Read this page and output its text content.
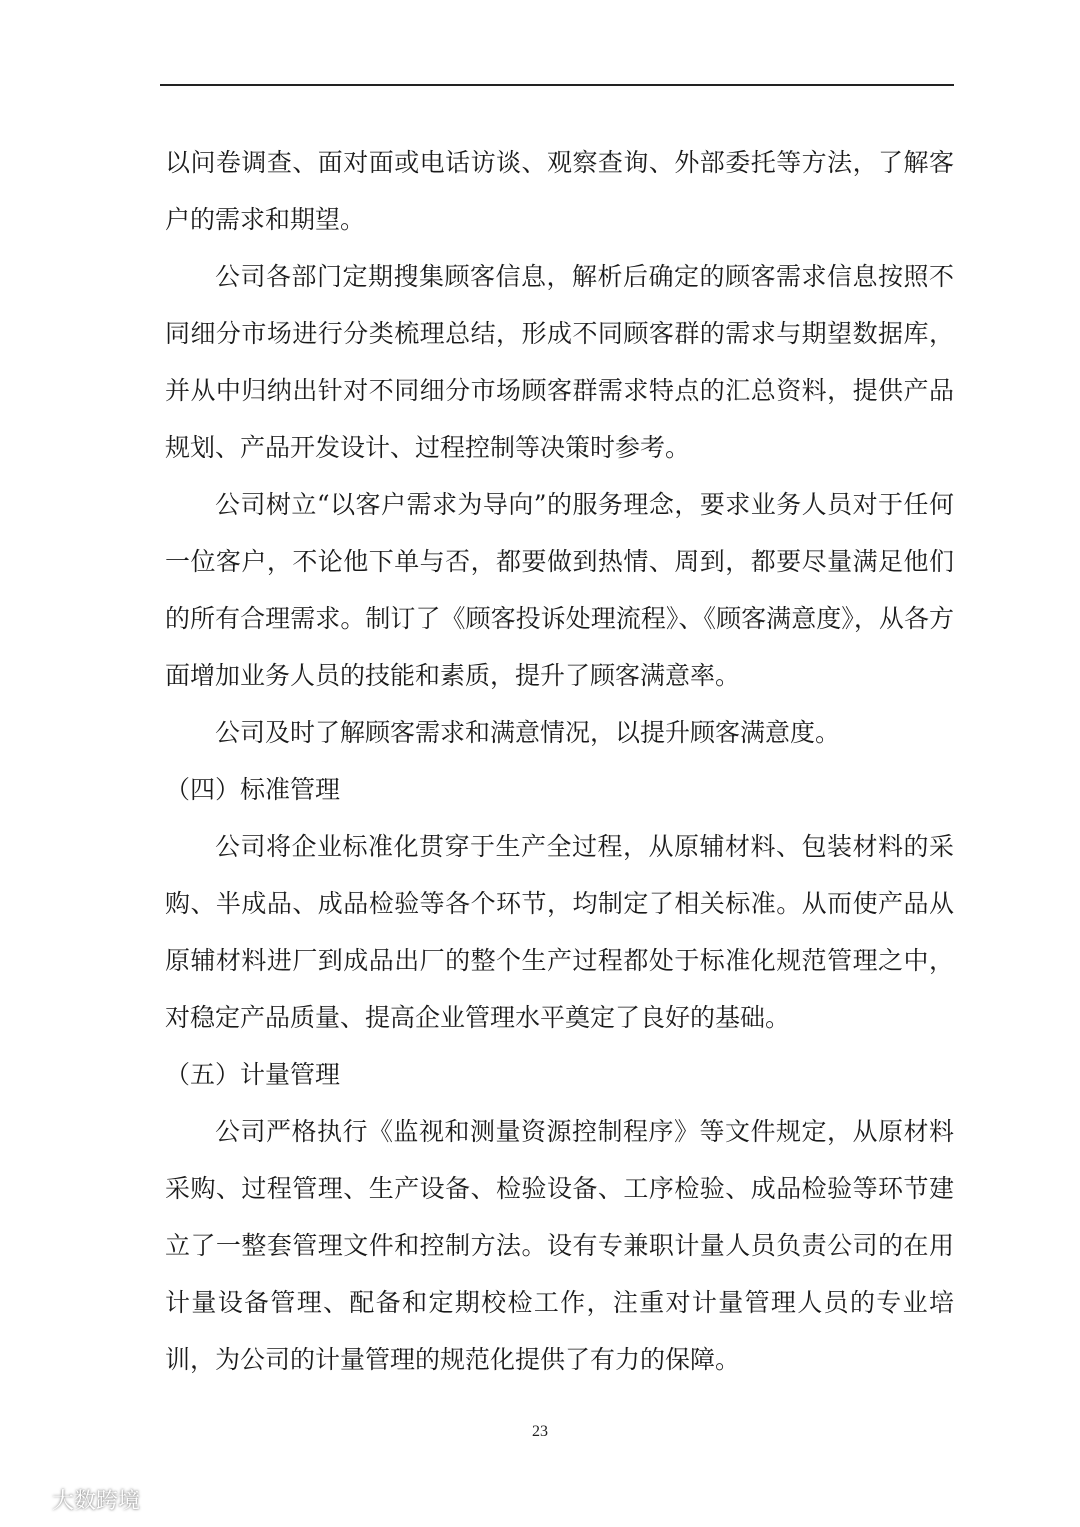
以问卷调查、面对面或电话访谈、观察查询、外部委托等方法，了解客户的需求和期望。

公司各部门定期搜集顾客信息，解析后确定的顾客需求信息按照不同细分市场进行分类梳理总结，形成不同顾客群的需求与期望数据库，并从中归纳出针对不同细分市场顾客群需求特点的汇总资料，提供产品规划、产品开发设计、过程控制等决策时参考。

公司树立“以客户需求为导向”的服务理念，要求业务人员对于任何一位客户，不论他下单与否，都要做到热情、周到，都要尽量满足他们的所有合理需求。制订了《顾客投诉处理流程》、《顾客满意度》，从各方面增加业务人员的技能和素质，提升了顾客满意率。

公司及时了解顾客需求和满意情况，以提升顾客满意度。

（四）标准管理

公司将企业标准化贯穿于生产全过程，从原辅材料、包装材料的采购、半成品、成品检验等各个环节，均制定了相关标准。从而使产品从原辅材料进厂到成品出厂的整个生产过程都处于标准化规范管理之中，对稳定产品质量、提高企业管理水平奠定了良好的基础。

（五）计量管理

公司严格执行《监视和测量资源控制程序》等文件规定，从原材料采购、过程管理、生产设备、检验设备、工序检验、成品检验等环节建立了一整套管理文件和控制方法。设有专兼职计量人员负责公司的在用计量设备管理、配备和定期校检工作，注重对计量管理人员的专业培训，为公司的计量管理的规范化提供了有力的保障。

23
大数跨境
